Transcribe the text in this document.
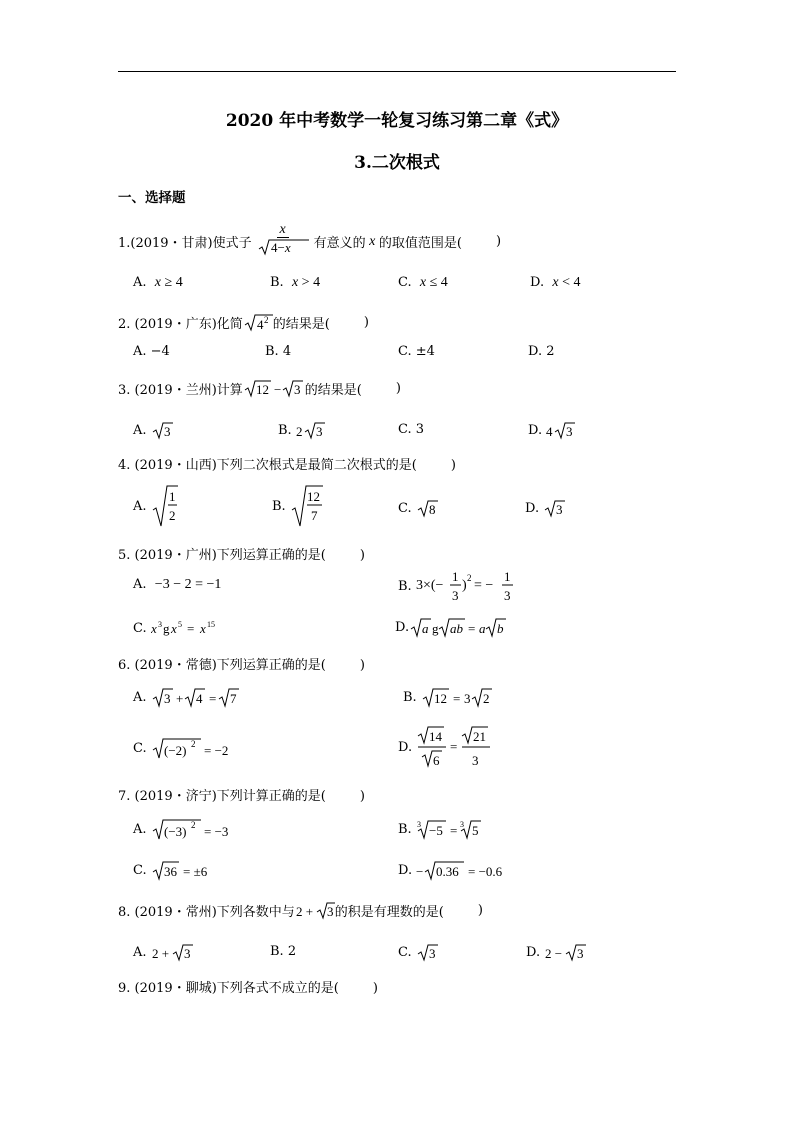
2020 年中考数学一轮复习练习第二章《式》
3.二次根式
一、选择题
1.(2019・甘肃)使式子 $\frac{x}{4-x}$ 有意义的 x 的取值范围是(	)
A. x ≥ 4	B. x > 4	C. x ≤ 4	D. x < 4
2. (2019・广东)化简 4 2 的结果是(	)
A. −4	B. 4	C. ±4	D. 2
3. (2019・兰州)计算 12 − 3 的结果是(	)
A.
3	B.
2 3	C. 3	D.
4 3
4. (2019・山西)下列二次根式是最简二次根式的是(	)
A.

1
2
B.

12
7	C.
8	D.
3
5. (2019・广州)下列运算正确的是(	)
A. −3 − 2 = −1	B.
3×(−
1
3
) 2 = −
1
3
C.
x 3 g x 5 = x 15	D. a g ab = a b
6. (2019・常德)下列运算正确的是(	)
A.
3 + 4 = 7	B.
12 = 3 2
C.
(−2) 2 = −2	D.

14
6
=
21
3
7. (2019・济宁)下列计算正确的是(	)
A.
(−3) 2 = −3	B.
3 −5 = 3 5
C.
36 = ±6	D.
− 0.36 = −0.6
8. (2019・常州)下列各数中与 2 + 3 的积是有理数的是(	)
A.
2 + 3	B. 2	C.
3	D.
2 − 3
9. (2019・聊城)下列各式不成立的是(	)
